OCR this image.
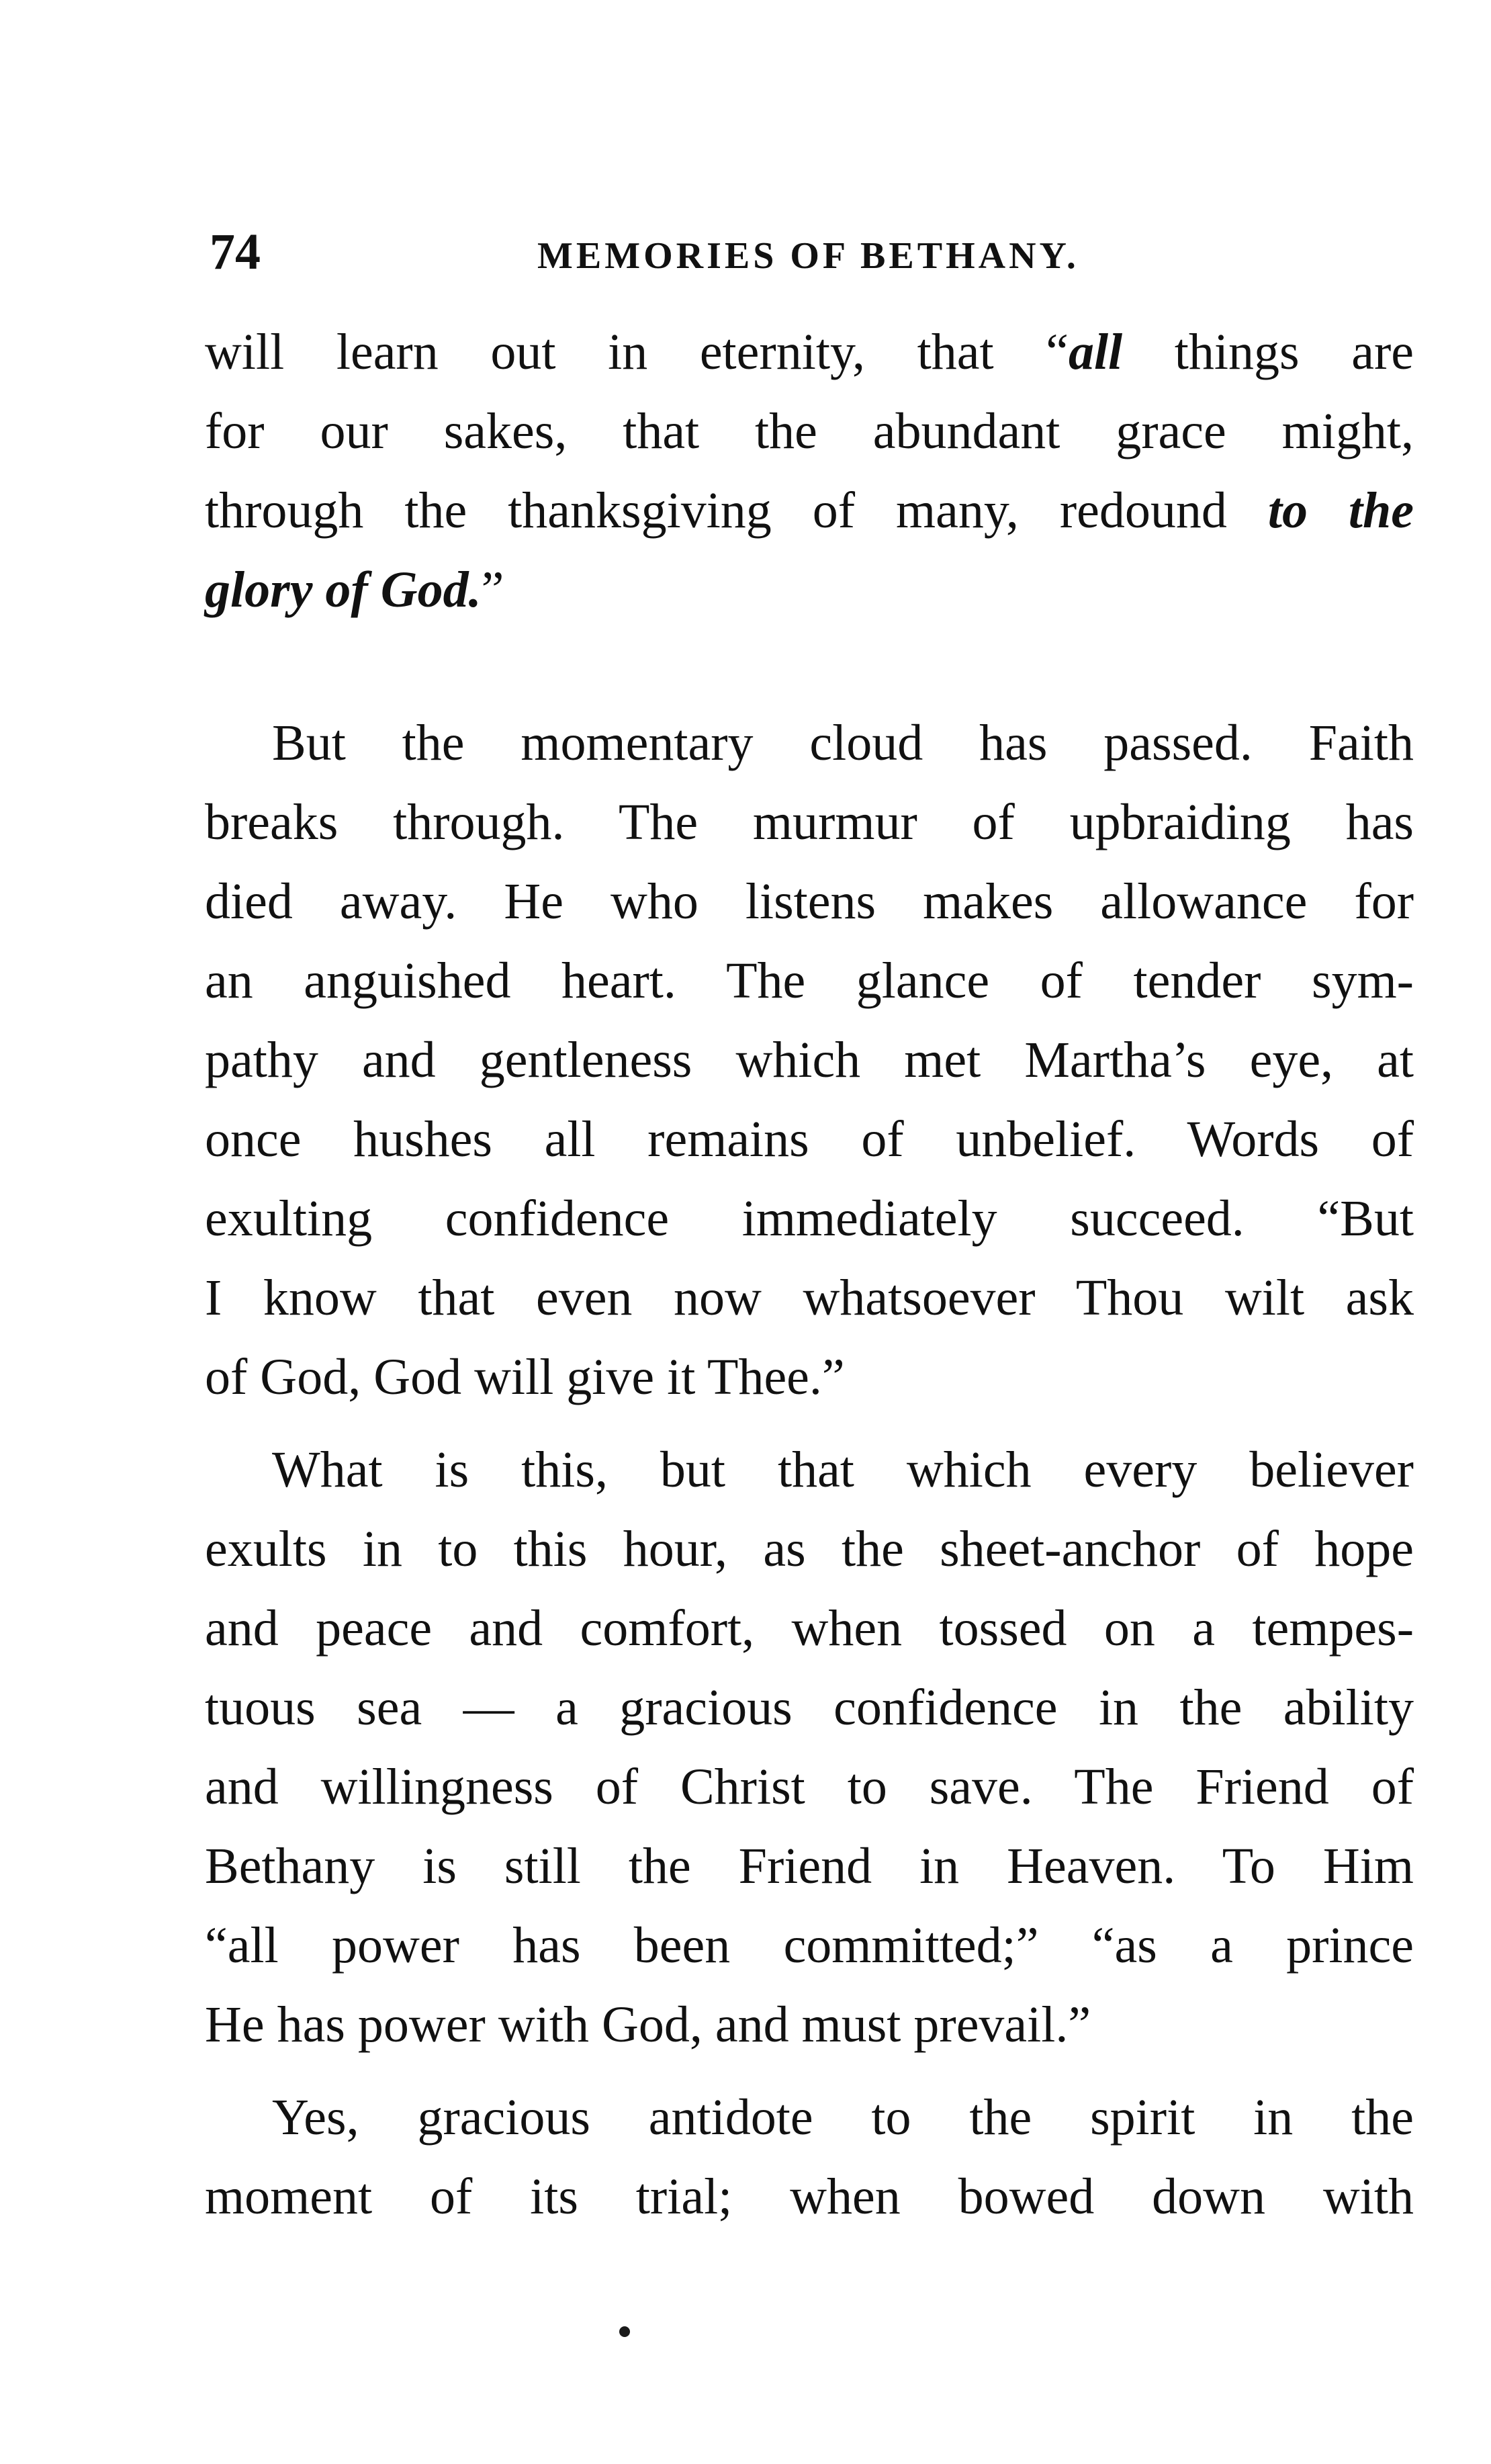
74	MEMORIES OF BETHANY.
will learn out in eternity, that “all things are
for our sakes, that the abundant grace might,
through the thanksgiving of many, redound to the
glory of God.”
But the momentary cloud has passed. Faith
breaks through. The murmur of upbraiding has
died away. He who listens makes allowance for
an anguished heart. The glance of tender sym-
pathy and gentleness which met Martha’s eye, at
once hushes all remains of unbelief. Words of
exulting confidence immediately succeed. “But
I know that even now whatsoever Thou wilt ask
of God, God will give it Thee.”
What is this, but that which every believer
exults in to this hour, as the sheet-anchor of hope
and peace and comfort, when tossed on a tempes-
tuous sea — a gracious confidence in the ability
and willingness of Christ to save. The Friend of
Bethany is still the Friend in Heaven. To Him
“all power has been committed;” “as a prince
He has power with God, and must prevail.”
Yes, gracious antidote to the spirit in the
moment of its trial; when bowed down with
